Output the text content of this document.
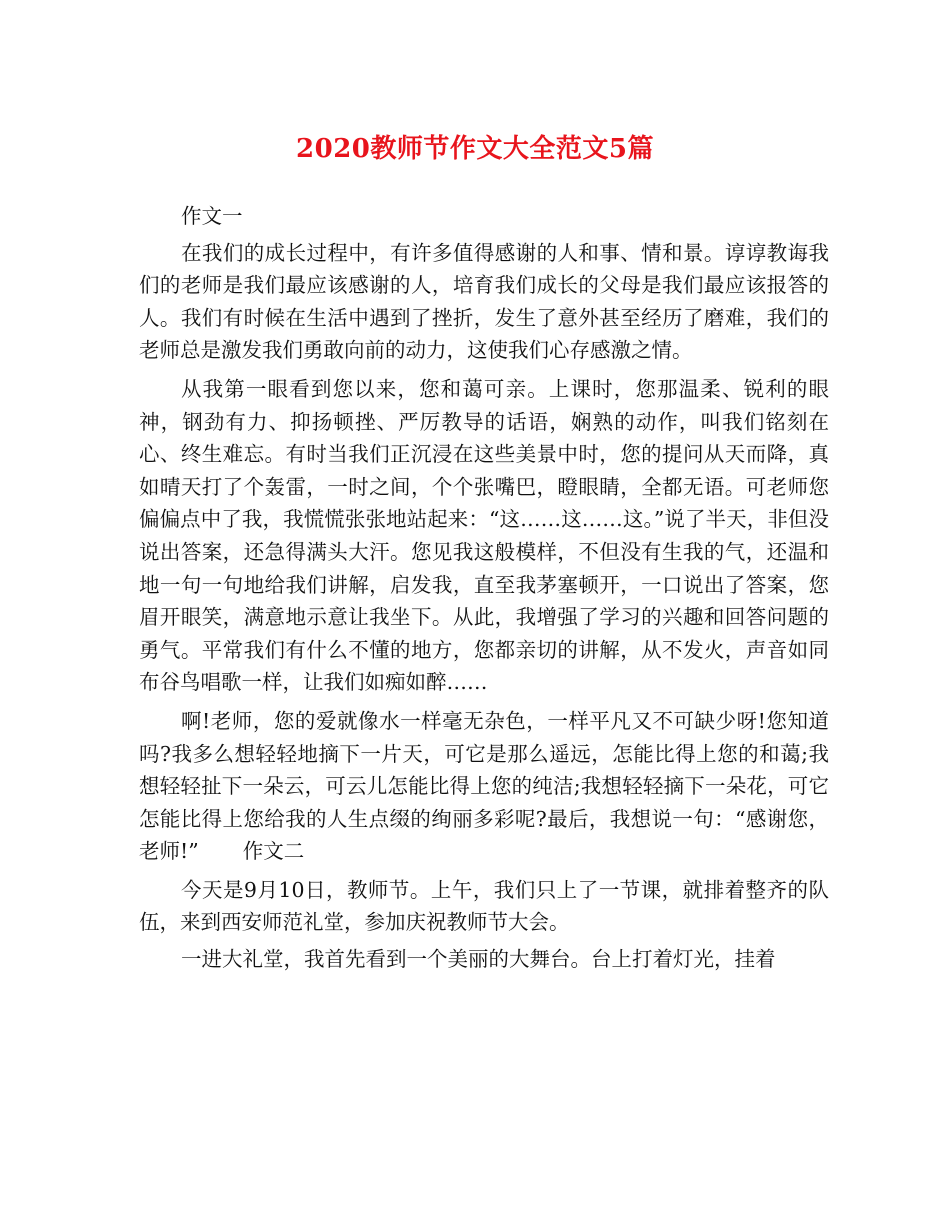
2020教师节作文大全范文5篇

作文一

在我们的成长过程中，有许多值得感谢的人和事、情和景。谆谆教诲我们的老师是我们最应该感谢的人，培育我们成长的父母是我们最应该报答的人。我们有时候在生活中遇到了挫折，发生了意外甚至经历了磨难，我们的老师总是激发我们勇敢向前的动力，这使我们心存感激之情。

从我第一眼看到您以来，您和蔼可亲。上课时，您那温柔、锐利的眼神，钢劲有力、抑扬顿挫、严厉教导的话语，娴熟的动作，叫我们铭刻在心、终生难忘。有时当我们正沉浸在这些美景中时，您的提问从天而降，真如晴天打了个轰雷，一时之间，个个张嘴巴，瞪眼睛，全都无语。可老师您偏偏点中了我，我慌慌张张地站起来：“这……这……这。”说了半天，非但没说出答案，还急得满头大汗。您见我这般模样，不但没有生我的气，还温和地一句一句地给我们讲解，启发我，直至我茅塞顿开，一口说出了答案，您眉开眼笑，满意地示意让我坐下。从此，我增强了学习的兴趣和回答问题的勇气。平常我们有什么不懂的地方，您都亲切的讲解，从不发火，声音如同布谷鸟唱歌一样，让我们如痴如醉……

啊!老师，您的爱就像水一样毫无杂色，一样平凡又不可缺少呀!您知道吗?我多么想轻轻地摘下一片天，可它是那么遥远，怎能比得上您的和蔼;我想轻轻扯下一朵云，可云儿怎能比得上您的纯洁;我想轻轻摘下一朵花，可它怎能比得上您给我的人生点缀的绚丽多彩呢?最后，我想说一句：“感谢您，老师!” 作文二

今天是9月10日，教师节。上午，我们只上了一节课，就排着整齐的队伍，来到西安师范礼堂，参加庆祝教师节大会。

一进大礼堂，我首先看到一个美丽的大舞台。台上打着灯光，挂着
